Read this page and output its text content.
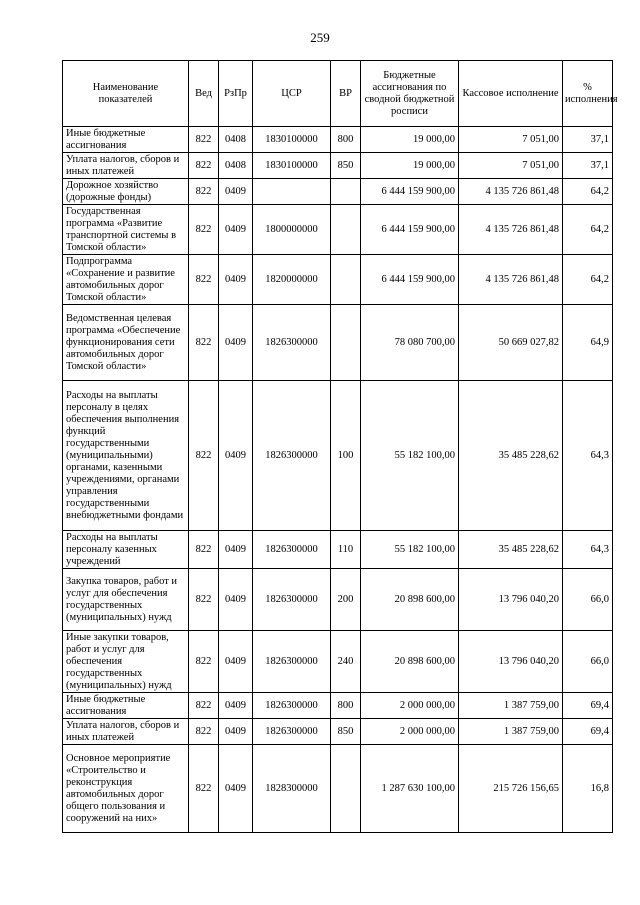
259
Наименование показателей	Вед	РзПр	ЦСР	ВР	Бюджетные ассигнования по сводной бюджетной росписи	Кассовое исполнение	% исполнения
Иные бюджетные ассигнования	822	0408	1830100000	800	19 000,00	7 051,00	37,1
Уплата налогов, сборов и иных платежей	822	0408	1830100000	850	19 000,00	7 051,00	37,1
Дорожное хозяйство (дорожные фонды)	822	0409			6 444 159 900,00	4 135 726 861,48	64,2
Государственная программа «Развитие транспортной системы в Томской области»	822	0409	1800000000		6 444 159 900,00	4 135 726 861,48	64,2
Подпрограмма «Сохранение и развитие автомобильных дорог Томской области»	822	0409	1820000000		6 444 159 900,00	4 135 726 861,48	64,2
Ведомственная целевая программа «Обеспечение функционирования сети автомобильных дорог Томской области»	822	0409	1826300000		78 080 700,00	50 669 027,82	64,9
Расходы на выплаты персоналу в целях обеспечения выполнения функций государственными (муниципальными) органами, казенными учреждениями, органами управления государственными внебюджетными фондами	822	0409	1826300000	100	55 182 100,00	35 485 228,62	64,3
Расходы на выплаты персоналу казенных учреждений	822	0409	1826300000	110	55 182 100,00	35 485 228,62	64,3
Закупка товаров, работ и услуг для обеспечения государственных (муниципальных) нужд	822	0409	1826300000	200	20 898 600,00	13 796 040,20	66,0
Иные закупки товаров, работ и услуг для обеспечения государственных (муниципальных) нужд	822	0409	1826300000	240	20 898 600,00	13 796 040,20	66,0
Иные бюджетные ассигнования	822	0409	1826300000	800	2 000 000,00	1 387 759,00	69,4
Уплата налогов, сборов и иных платежей	822	0409	1826300000	850	2 000 000,00	1 387 759,00	69,4
Основное мероприятие «Строительство и реконструкция автомобильных дорог общего пользования и сооружений на них»	822	0409	1828300000		1 287 630 100,00	215 726 156,65	16,8
